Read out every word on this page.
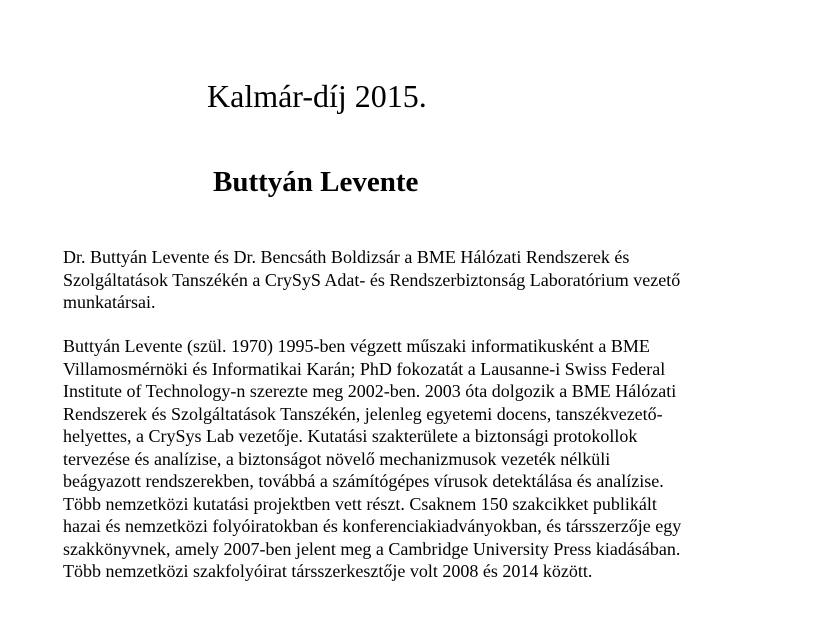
Kalmár-díj 2015.
Buttyán Levente
Dr. Buttyán Levente és Dr. Bencsáth Boldizsár a BME Hálózati Rendszerek és
Szolgáltatások Tanszékén a CrySyS Adat- és Rendszerbiztonság Laboratórium vezető
munkatársai.
Buttyán Levente (szül. 1970) 1995-ben végzett műszaki informatikusként a BME
Villamosmérnöki és Informatikai Karán; PhD fokozatát a Lausanne-i Swiss Federal
Institute of Technology-n szerezte meg 2002-ben. 2003 óta dolgozik a BME Hálózati
Rendszerek és Szolgáltatások Tanszékén, jelenleg egyetemi docens, tanszékvezető-
helyettes, a CrySys Lab vezetője. Kutatási szakterülete a biztonsági protokollok
tervezése és analízise, a biztonságot növelő mechanizmusok vezeték nélküli
beágyazott rendszerekben, továbbá a számítógépes vírusok detektálása és analízise.
Több nemzetközi kutatási projektben vett részt. Csaknem 150 szakcikket publikált
hazai és nemzetközi folyóiratokban és konferenciakiadványokban, és társszerzője egy
szakkönyvnek, amely 2007-ben jelent meg a Cambridge University Press kiadásában.
Több nemzetközi szakfolyóirat társszerkesztője volt 2008 és 2014 között.
